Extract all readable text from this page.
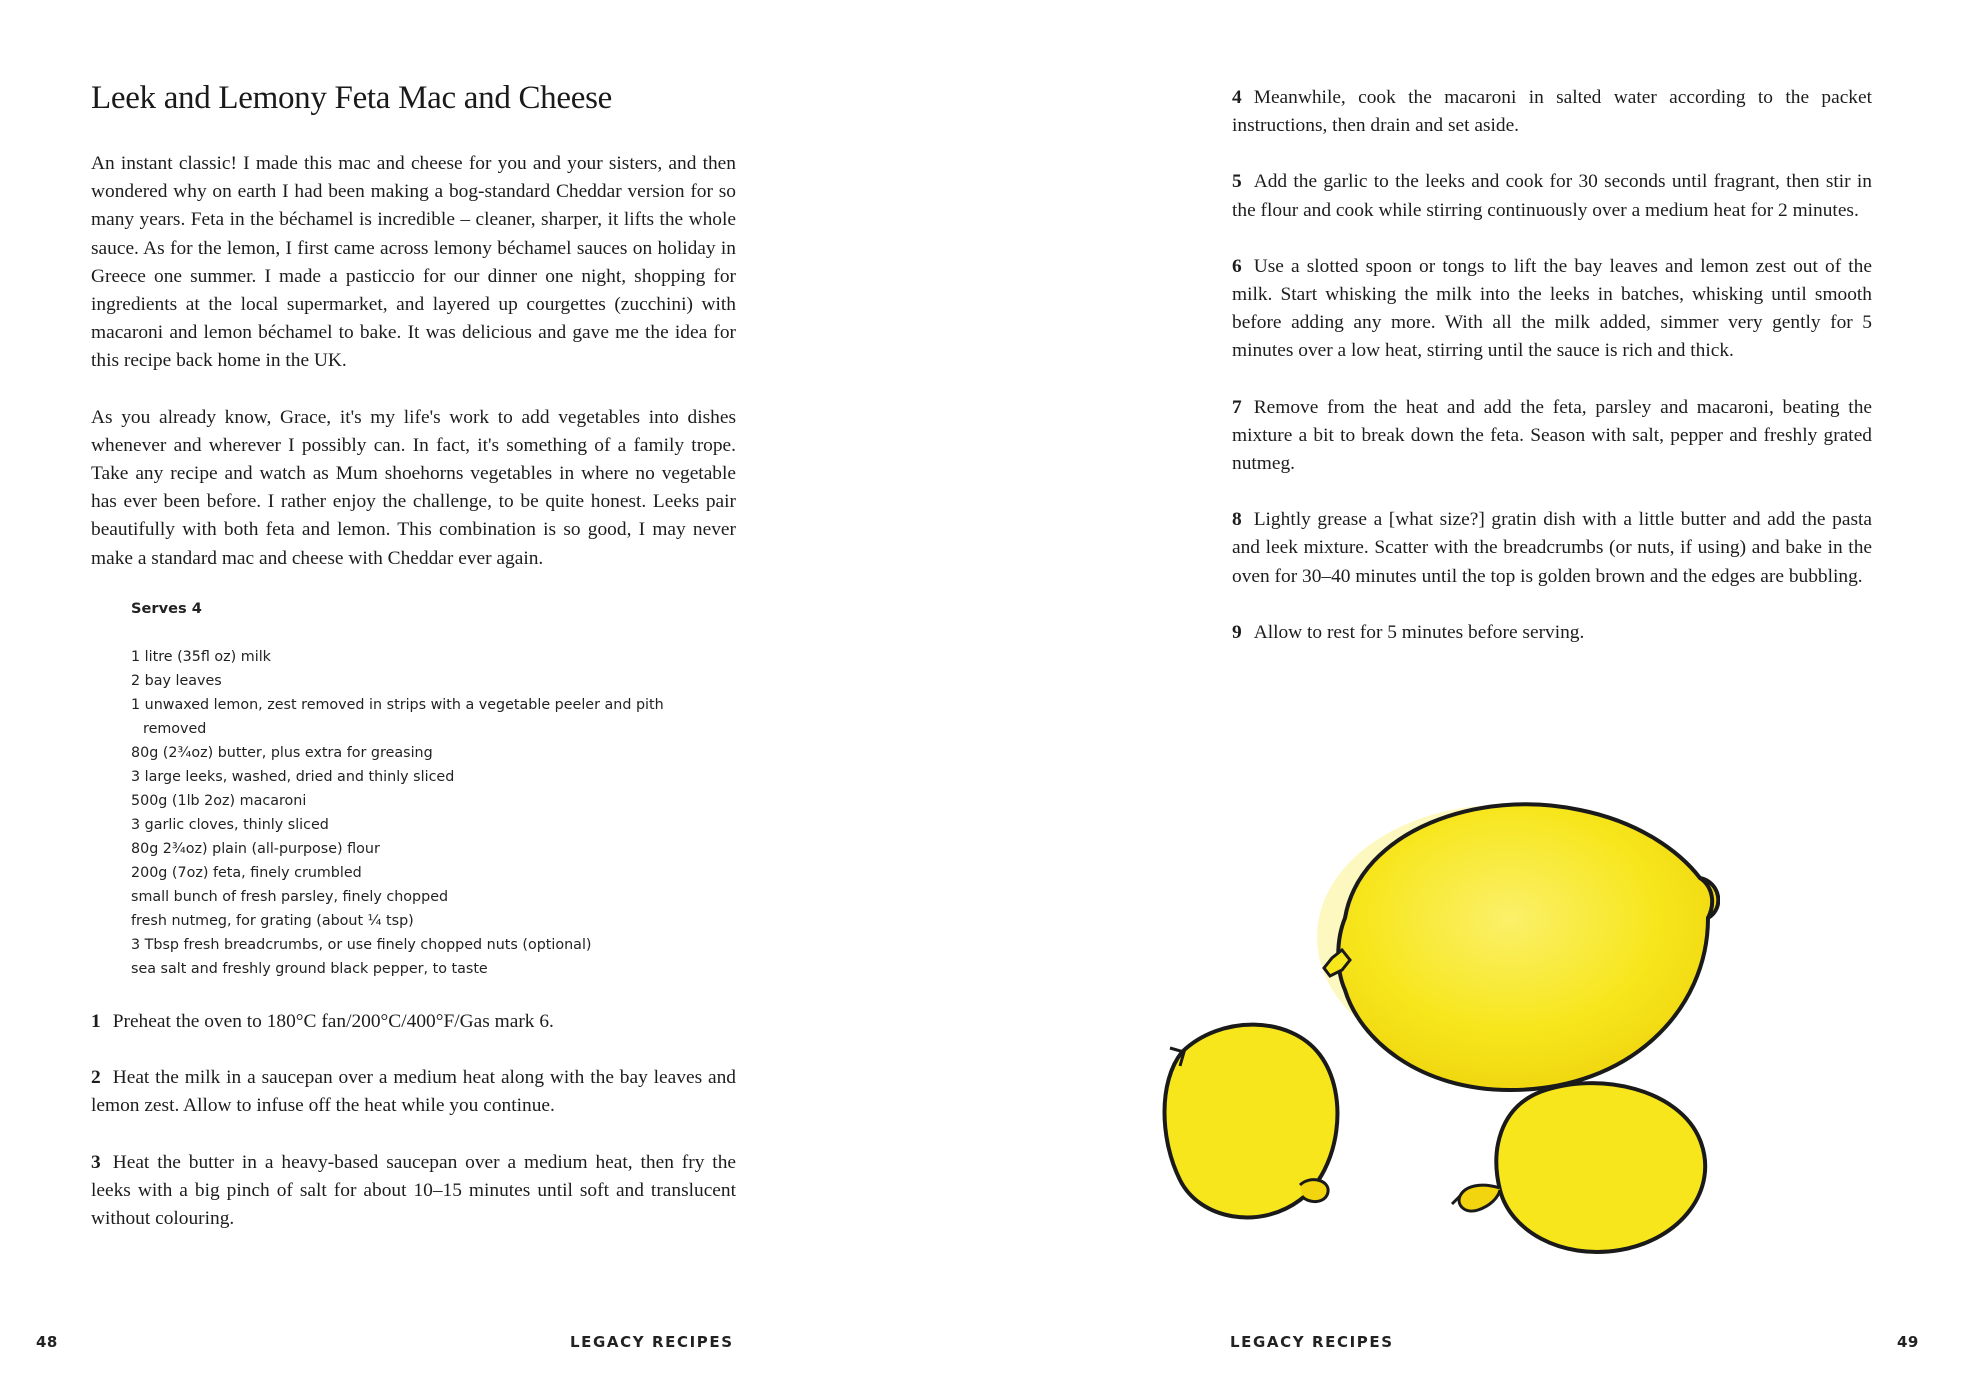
Leek and Lemony Feta Mac and Cheese

An instant classic! I made this mac and cheese for you and your sisters, and then wondered why on earth I had been making a bog-standard Cheddar version for so many years. Feta in the béchamel is incredible – cleaner, sharper, it lifts the whole sauce. As for the lemon, I first came across lemony béchamel sauces on holiday in Greece one summer. I made a pasticcio for our dinner one night, shopping for ingredients at the local supermarket, and layered up courgettes (zucchini) with macaroni and lemon béchamel to bake. It was delicious and gave me the idea for this recipe back home in the UK.

As you already know, Grace, it's my life's work to add vegetables into dishes whenever and wherever I possibly can. In fact, it's something of a family trope. Take any recipe and watch as Mum shoehorns vegetables in where no vegetable has ever been before. I rather enjoy the challenge, to be quite honest. Leeks pair beautifully with both feta and lemon. This combination is so good, I may never make a standard mac and cheese with Cheddar ever again.

Serves 4

1 litre (35fl oz) milk
2 bay leaves
1 unwaxed lemon, zest removed in strips with a vegetable peeler and pith removed
80g (2¾oz) butter, plus extra for greasing
3 large leeks, washed, dried and thinly sliced
500g (1lb 2oz) macaroni
3 garlic cloves, thinly sliced
80g 2¾oz) plain (all-purpose) flour
200g (7oz) feta, finely crumbled
small bunch of fresh parsley, finely chopped
fresh nutmeg, for grating (about ¼ tsp)
3 Tbsp fresh breadcrumbs, or use finely chopped nuts (optional)
sea salt and freshly ground black pepper, to taste

1 Preheat the oven to 180°C fan/200°C/400°F/Gas mark 6.

2 Heat the milk in a saucepan over a medium heat along with the bay leaves and lemon zest. Allow to infuse off the heat while you continue.

3 Heat the butter in a heavy-based saucepan over a medium heat, then fry the leeks with a big pinch of salt for about 10–15 minutes until soft and translucent without colouring.

48	LEGACY RECIPES	LEGACY RECIPES	49

4 Meanwhile, cook the macaroni in salted water according to the packet instructions, then drain and set aside.

5 Add the garlic to the leeks and cook for 30 seconds until fragrant, then stir in the flour and cook while stirring continuously over a medium heat for 2 minutes.

6 Use a slotted spoon or tongs to lift the bay leaves and lemon zest out of the milk. Start whisking the milk into the leeks in batches, whisking until smooth before adding any more. With all the milk added, simmer very gently for 5 minutes over a low heat, stirring until the sauce is rich and thick.

7 Remove from the heat and add the feta, parsley and macaroni, beating the mixture a bit to break down the feta. Season with salt, pepper and freshly grated nutmeg.

8 Lightly grease a [what size?] gratin dish with a little butter and add the pasta and leek mixture. Scatter with the breadcrumbs (or nuts, if using) and bake in the oven for 30–40 minutes until the top is golden brown and the edges are bubbling.

9 Allow to rest for 5 minutes before serving.
